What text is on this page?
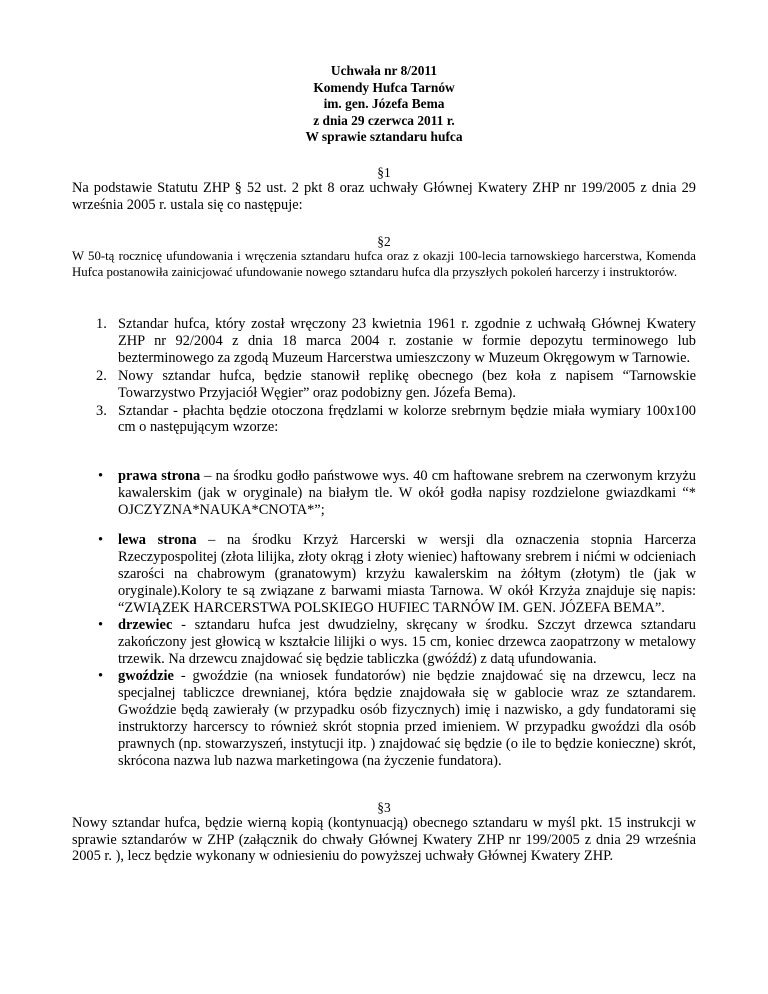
Uchwała nr 8/2011
Komendy Hufca Tarnów
im. gen. Józefa Bema
z dnia 29 czerwca 2011 r.
W sprawie sztandaru hufca
§1
Na podstawie Statutu ZHP § 52 ust. 2 pkt 8 oraz uchwały Głównej Kwatery ZHP nr 199/2005 z dnia 29 września 2005 r. ustala się co następuje:
§2
W 50-tą rocznicę ufundowania i wręczenia sztandaru hufca oraz z okazji 100-lecia tarnowskiego harcerstwa, Komenda Hufca postanowiła zainicjować ufundowanie nowego sztandaru hufca dla przyszłych pokoleń harcerzy i instruktorów.
1. Sztandar hufca, który został wręczony 23 kwietnia 1961 r. zgodnie z uchwałą Głównej Kwatery ZHP nr 92/2004 z dnia 18 marca 2004 r. zostanie w formie depozytu terminowego lub bezterminowego za zgodą Muzeum Harcerstwa umieszczony w Muzeum Okręgowym w Tarnowie.
2. Nowy sztandar hufca, będzie stanowił replikę obecnego (bez koła z napisem “Tarnowskie Towarzystwo Przyjaciół Węgier” oraz podobizny gen. Józefa Bema).
3. Sztandar - płachta będzie otoczona frędzlami w kolorze srebrnym będzie miała wymiary 100x100 cm o następującym wzorze:
• prawa strona – na środku godło państwowe wys. 40 cm haftowane srebrem na czerwonym krzyżu kawalerskim (jak w oryginale) na białym tle. W okół godła napisy rozdzielone gwiazdkami “* OJCZYZNA*NAUKA*CNOTA*”;
• lewa strona – na środku Krzyż Harcerski w wersji dla oznaczenia stopnia Harcerza Rzeczypospolitej (złota lilijka, złoty okrąg i złoty wieniec) haftowany srebrem i nićmi w odcieniach szarości na chabrowym (granatowym) krzyżu kawalerskim na żółtym (złotym) tle (jak w oryginale).Kolory te są związane z barwami miasta Tarnowa. W okół Krzyża znajduje się napis: “ZWIĄZEK HARCERSTWA POLSKIEGO HUFIEC TARNÓW IM. GEN. JÓZEFA BEMA”.
• drzewiec - sztandaru hufca jest dwudzielny, skręcany w środku. Szczyt drzewca sztandaru zakończony jest głowicą w kształcie lilijki o wys. 15 cm, koniec drzewca zaopatrzony w metalowy trzewik. Na drzewcu znajdować się będzie tabliczka (gwóźdź) z datą ufundowania.
• gwoździe - gwoździe (na wniosek fundatorów) nie będzie znajdować się na drzewcu, lecz na specjalnej tabliczce drewnianej, która będzie znajdowała się w gablocie wraz ze sztandarem. Gwoździe będą zawierały (w przypadku osób fizycznych) imię i nazwisko, a gdy fundatorami się instruktorzy harcerscy to również skrót stopnia przed imieniem. W przypadku gwoździ dla osób prawnych (np. stowarzyszeń, instytucji itp. ) znajdować się będzie (o ile to będzie konieczne) skrót, skrócona nazwa lub nazwa marketingowa (na życzenie fundatora).
§3
Nowy sztandar hufca, będzie wierną kopią (kontynuacją) obecnego sztandaru w myśl pkt. 15 instrukcji w sprawie sztandarów w ZHP (załącznik do chwały Głównej Kwatery ZHP nr 199/2005 z dnia 29 września 2005 r. ), lecz będzie wykonany w odniesieniu do powyższej uchwały Głównej Kwatery ZHP.
